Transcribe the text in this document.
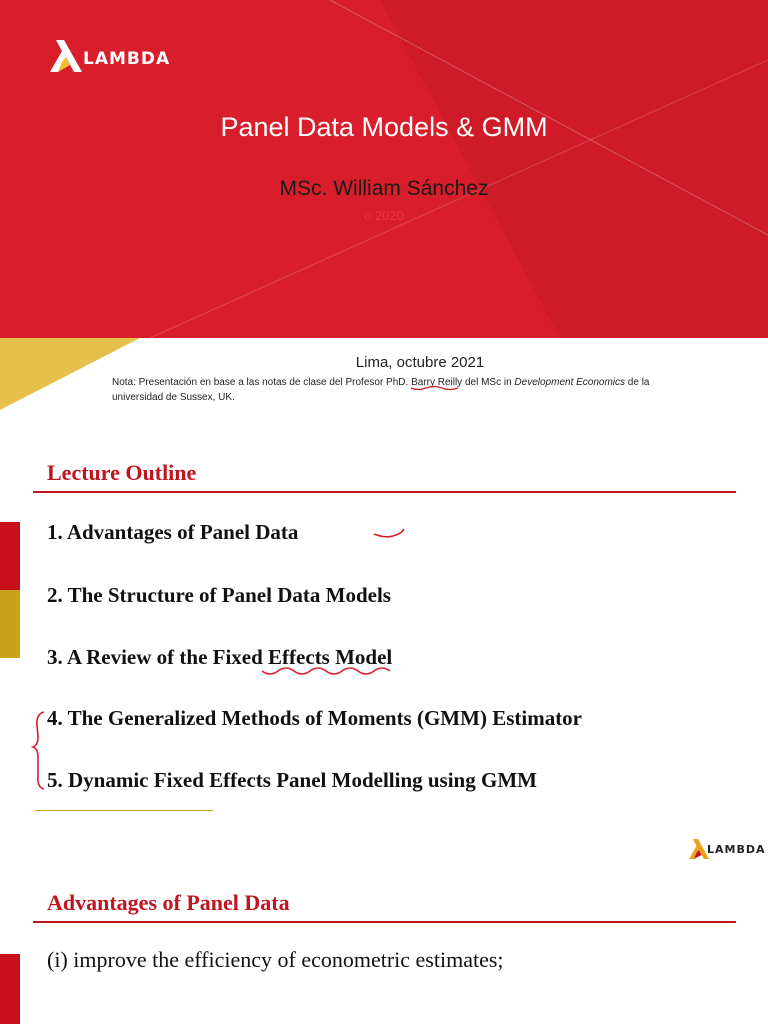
LAMBDA
Panel Data Models & GMM
MSc. William Sánchez
o 2020
Lima, octubre 2021
Nota: Presentación en base a las notas de clase del Profesor PhD. Barry Reilly del MSc in Development Economics de la
universidad de Sussex, UK.
Lecture Outline
1. Advantages of Panel Data
2. The Structure of Panel Data Models
3. A Review of the Fixed Effects Model
4. The Generalized Methods of Moments (GMM) Estimator
5. Dynamic Fixed Effects Panel Modelling using GMM
LAMBDA
Advantages of Panel Data
(i) improve the efficiency of econometric estimates;
